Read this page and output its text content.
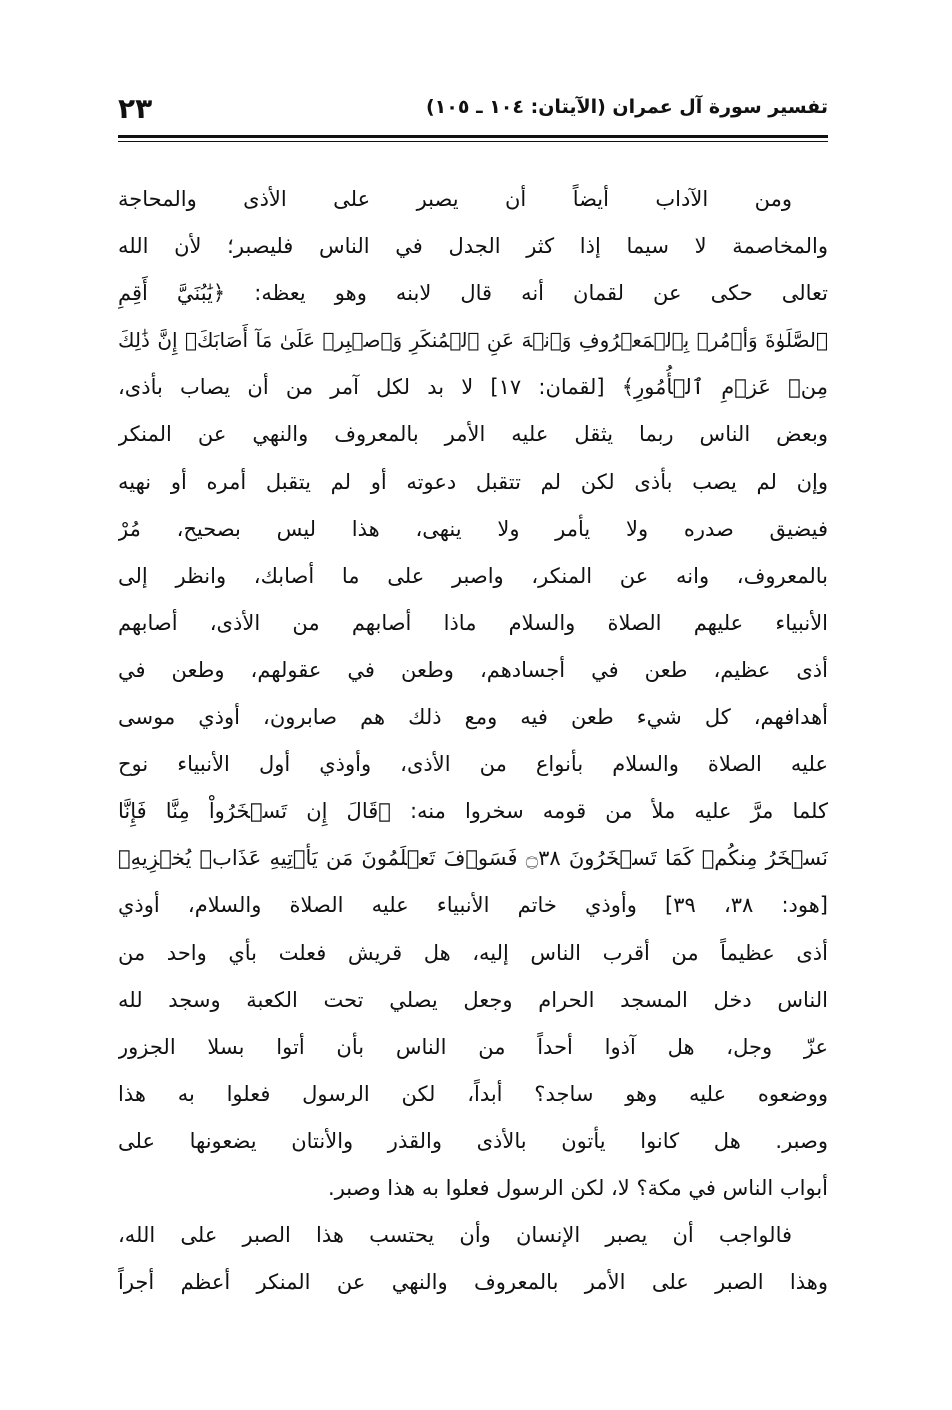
تفسير سورة آل عمران (الآيتان: ١٠٤ ـ ١٠٥)
٢٣
ومن الآداب أيضاً أن يصبر على الأذى والمحاجة
والمخاصمة لا سيما إذا كثر الجدل في الناس فليصبر؛ لأن الله
تعالى حكى عن لقمان أنه قال لابنه وهو يعظه: ﴿يَٰبُنَيَّ أَقِمِ
ٱلصَّلَوٰةَ وَأۡمُرۡ بِٱلۡمَعۡرُوفِ وَٱنۡهَ عَنِ ٱلۡمُنكَرِ وَٱصۡبِرۡ عَلَىٰ مَآ أَصَابَكَۖ إِنَّ ذَٰلِكَ
مِنۡ عَزۡمِ ٱلۡأُمُورِ﴾ [لقمان: ١٧] لا بد لكل آمر من أن يصاب بأذى،
وبعض الناس ربما يثقل عليه الأمر بالمعروف والنهي عن المنكر
وإن لم يصب بأذى لكن لم تتقبل دعوته أو لم يتقبل أمره أو نهيه
فيضيق صدره ولا يأمر ولا ينهى، هذا ليس بصحيح، مُرْ
بالمعروف، وانه عن المنكر، واصبر على ما أصابك، وانظر إلى
الأنبياء عليهم الصلاة والسلام ماذا أصابهم من الأذى، أصابهم
أذى عظيم، طعن في أجسادهم، وطعن في عقولهم، وطعن في
أهدافهم، كل شيء طعن فيه ومع ذلك هم صابرون، أوذي موسى
عليه الصلاة والسلام بأنواع من الأذى، وأوذي أول الأنبياء نوح
كلما مرَّ عليه ملأ من قومه سخروا منه: ﴿قَالَ إِن تَسۡخَرُواْ مِنَّا فَإِنَّا
نَسۡخَرُ مِنكُمۡ كَمَا تَسۡخَرُونَ ۝٣٨ فَسَوۡفَ تَعۡلَمُونَ مَن يَأۡتِيهِ عَذَابٞ يُخۡزِيهِ﴾
[هود: ٣٨، ٣٩] وأوذي خاتم الأنبياء عليه الصلاة والسلام، أوذي
أذى عظيماً من أقرب الناس إليه، هل قريش فعلت بأي واحد من
الناس دخل المسجد الحرام وجعل يصلي تحت الكعبة وسجد لله
عزّ وجل، هل آذوا أحداً من الناس بأن أتوا بسلا الجزور
ووضعوه عليه وهو ساجد؟ أبداً، لكن الرسول فعلوا به هذا
وصبر. هل كانوا يأتون بالأذى والقذر والأنتان يضعونها على
أبواب الناس في مكة؟ لا، لكن الرسول فعلوا به هذا وصبر.
فالواجب أن يصبر الإنسان وأن يحتسب هذا الصبر على الله،
وهذا الصبر على الأمر بالمعروف والنهي عن المنكر أعظم أجراً
